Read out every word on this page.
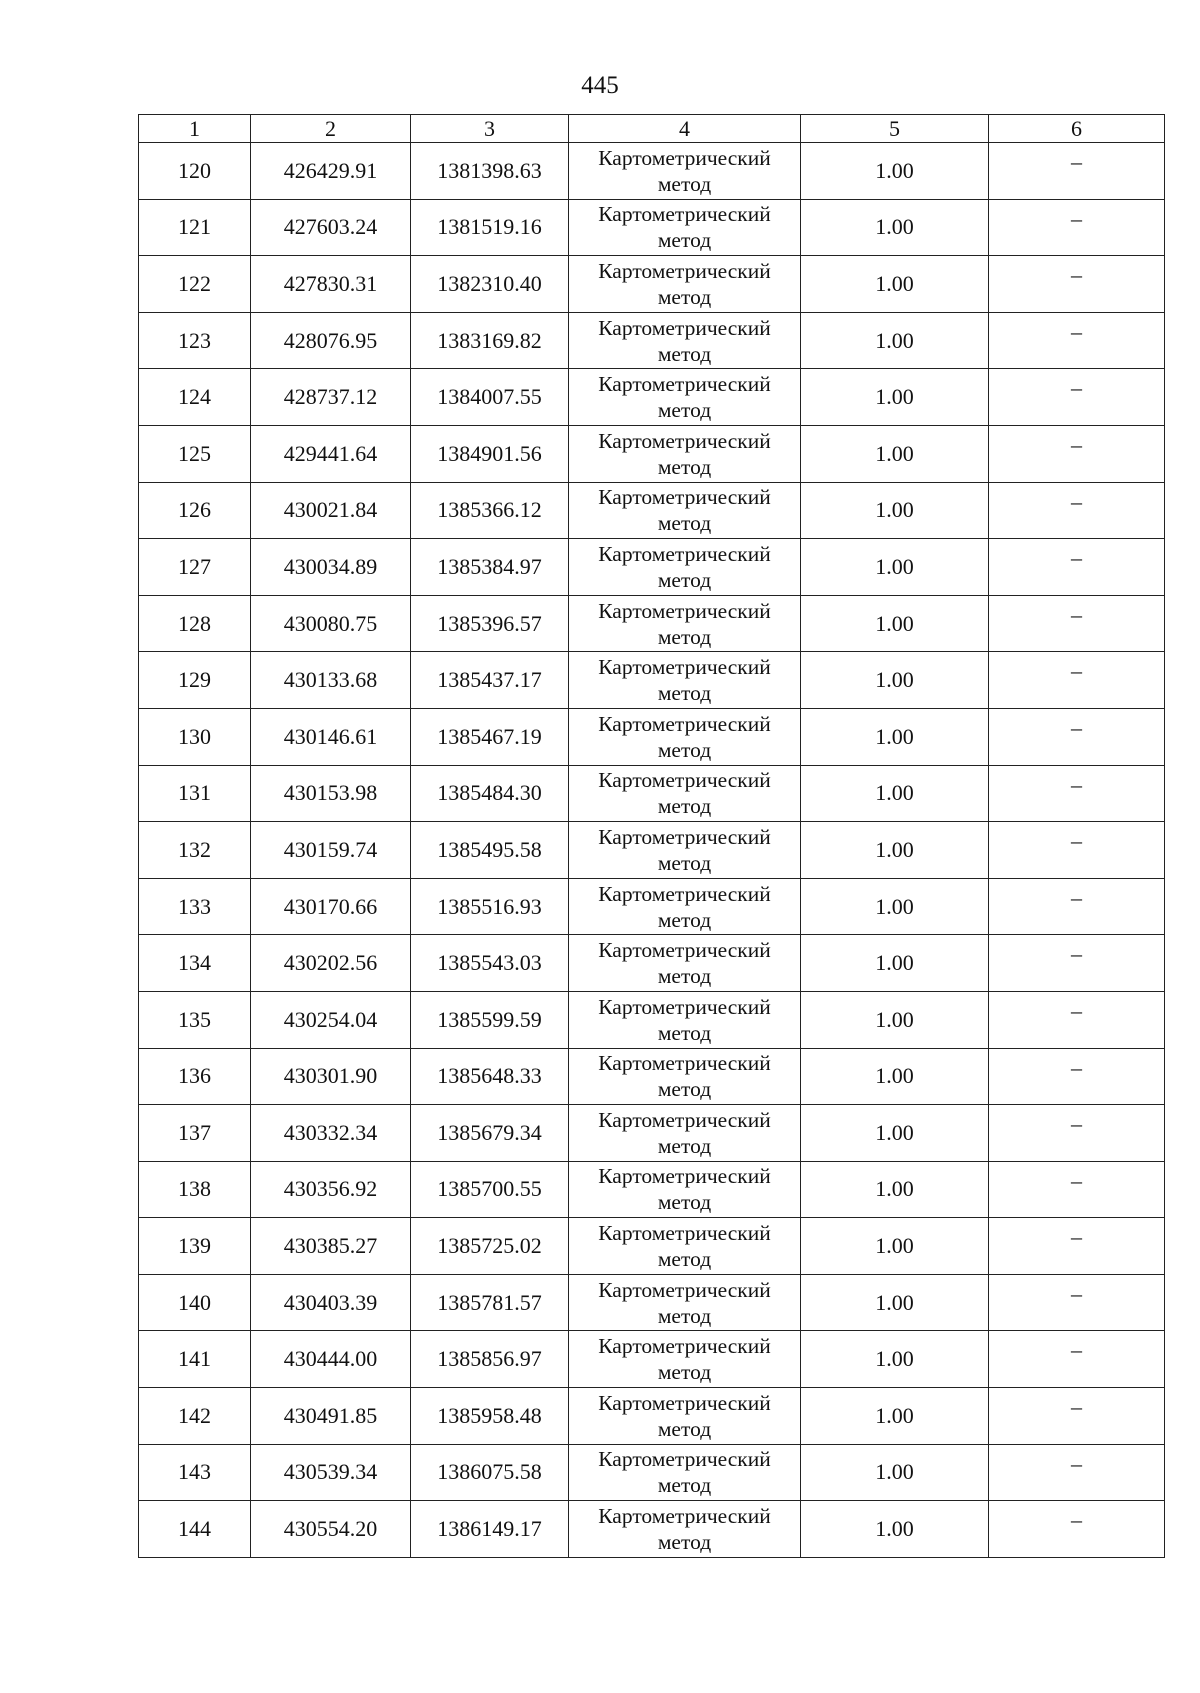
445
1	2	3	4	5	6
120	426429.91	1381398.63	Картометрический метод	1.00	–
121	427603.24	1381519.16	Картометрический метод	1.00	–
122	427830.31	1382310.40	Картометрический метод	1.00	–
123	428076.95	1383169.82	Картометрический метод	1.00	–
124	428737.12	1384007.55	Картометрический метод	1.00	–
125	429441.64	1384901.56	Картометрический метод	1.00	–
126	430021.84	1385366.12	Картометрический метод	1.00	–
127	430034.89	1385384.97	Картометрический метод	1.00	–
128	430080.75	1385396.57	Картометрический метод	1.00	–
129	430133.68	1385437.17	Картометрический метод	1.00	–
130	430146.61	1385467.19	Картометрический метод	1.00	–
131	430153.98	1385484.30	Картометрический метод	1.00	–
132	430159.74	1385495.58	Картометрический метод	1.00	–
133	430170.66	1385516.93	Картометрический метод	1.00	–
134	430202.56	1385543.03	Картометрический метод	1.00	–
135	430254.04	1385599.59	Картометрический метод	1.00	–
136	430301.90	1385648.33	Картометрический метод	1.00	–
137	430332.34	1385679.34	Картометрический метод	1.00	–
138	430356.92	1385700.55	Картометрический метод	1.00	–
139	430385.27	1385725.02	Картометрический метод	1.00	–
140	430403.39	1385781.57	Картометрический метод	1.00	–
141	430444.00	1385856.97	Картометрический метод	1.00	–
142	430491.85	1385958.48	Картометрический метод	1.00	–
143	430539.34	1386075.58	Картометрический метод	1.00	–
144	430554.20	1386149.17	Картометрический метод	1.00	–
